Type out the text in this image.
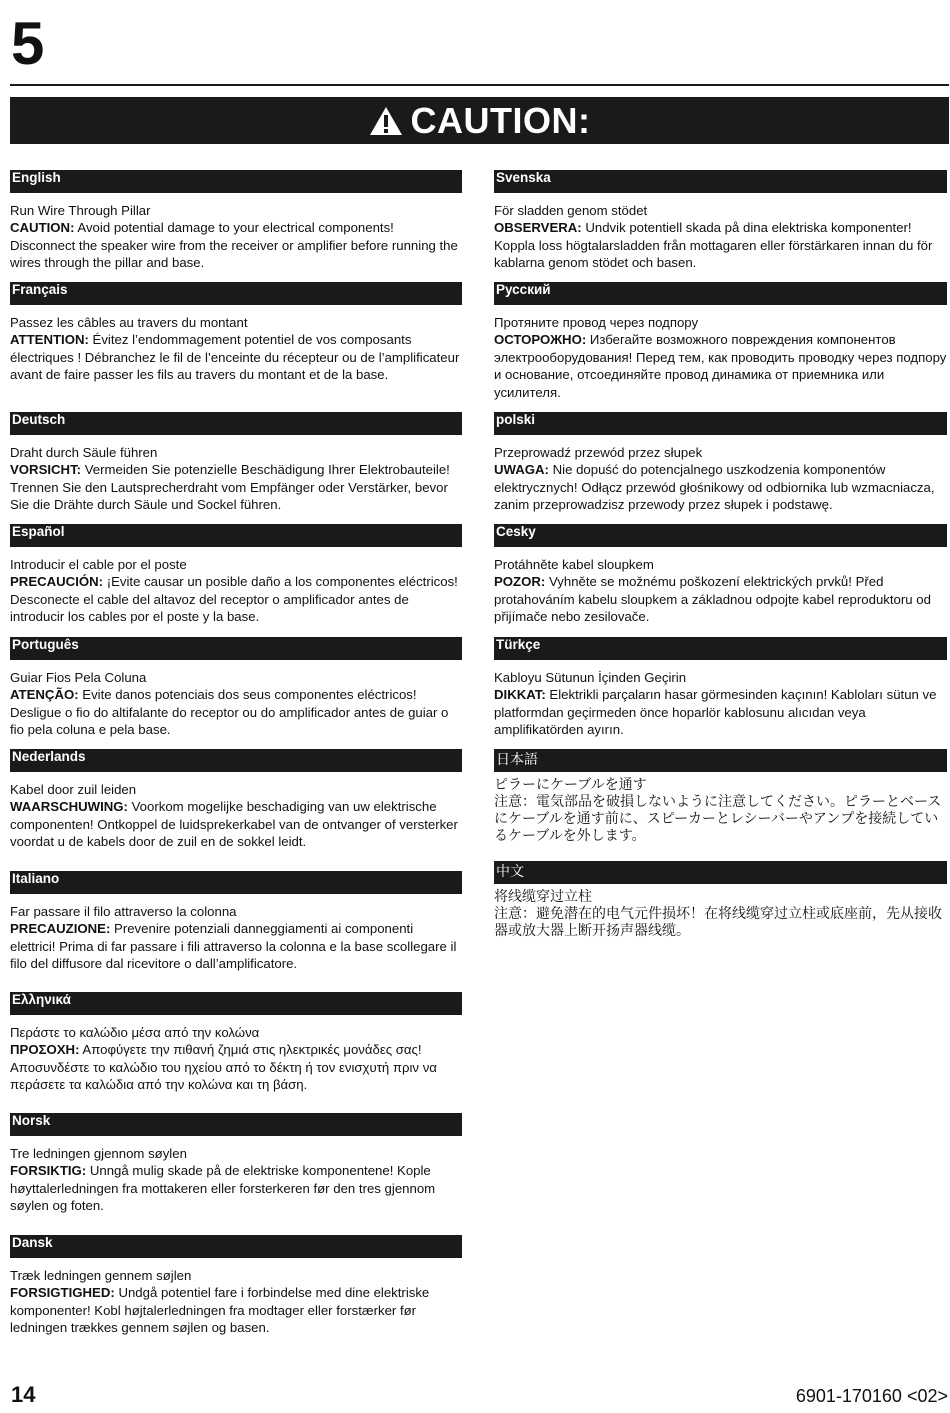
5
CAUTION:
English

Run Wire Through Pillar

CAUTION: Avoid potential damage to your electrical components! Disconnect the speaker wire from the receiver or amplifier before running the wires through the pillar and base.

Français

Passez les câbles au travers du montant

ATTENTION: Évitez l’endommagement potentiel de vos composants électriques ! Débranchez le fil de l’enceinte du récepteur ou de l’amplificateur avant de faire passer les fils au travers du montant et de la base.

Deutsch

Draht durch Säule führen

VORSICHT: Vermeiden Sie potenzielle Beschädigung Ihrer Elektrobauteile! Trennen Sie den Lautsprecherdraht vom Empfänger oder Verstärker, bevor Sie die Drähte durch Säule und Sockel führen.

Español

Introducir el cable por el poste

PRECAUCIÓN: ¡Evite causar un posible daño a los componentes eléctricos! Desconecte el cable del altavoz del receptor o amplificador antes de introducir los cables por el poste y la base.

Português

Guiar Fios Pela Coluna

ATENÇÃO: Evite danos potenciais dos seus componentes eléctricos! Desligue o fio do altifalante do receptor ou do amplificador antes de guiar o fio pela coluna e pela base.

Nederlands

Kabel door zuil leiden

WAARSCHUWING: Voorkom mogelijke beschadiging van uw elektrische componenten! Ontkoppel de luidsprekerkabel van de ontvanger of versterker voordat u de kabels door de zuil en de sokkel leidt.

Italiano

Far passare il filo attraverso la colonna

PRECAUZIONE: Prevenire potenziali danneggiamenti ai componenti elettrici! Prima di far passare i fili attraverso la colonna e la base scollegare il filo del diffusore dal ricevitore o dall’amplificatore.

Ελληνικά

Περάστε το καλώδιο μέσα από την κολώνα

ΠΡΟΣΟΧΗ: Αποφύγετε την πιθανή ζημιά στις ηλεκτρικές μονάδες σας! Αποσυνδέστε το καλώδιο του ηχείου από το δέκτη ή τον ενισχυτή πριν να περάσετε τα καλώδια από την κολώνα και τη βάση.

Norsk

Tre ledningen gjennom søylen

FORSIKTIG: Unngå mulig skade på de elektriske komponentene! Kople høyttalerledningen fra mottakeren eller forsterkeren før den tres gjennom søylen og foten.

Dansk

Træk ledningen gennem søjlen

FORSIGTIGHED: Undgå potentiel fare i forbindelse med dine elektriske komponenter! Kobl højtalerledningen fra modtager eller forstærker før ledningen trækkes gennem søjlen og basen.

Svenska

För sladden genom stödet

OBSERVERA: Undvik potentiell skada på dina elektriska komponenter! Koppla loss högtalarsladden från mottagaren eller förstärkaren innan du för kablarna genom stödet och basen.

Русский

Протяните провод через подпору

ОСТОРОЖНО: Избегайте возможного повреждения компонентов электрооборудования! Перед тем, как проводить проводку через подпору и основание, отсоединяйте провод динамика от приемника или усилителя.

polski

Przeprowadź przewód przez słupek

UWAGA: Nie dopuść do potencjalnego uszkodzenia komponentów elektrycznych! Odłącz przewód głośnikowy od odbiornika lub wzmacniacza, zanim przeprowadzisz przewody przez słupek i podstawę.

Cesky

Protáhněte kabel sloupkem

POZOR: Vyhněte se možnému poškození elektrických prvků! Před protahováním kabelu sloupkem a základnou odpojte kabel reproduktoru od přijímače nebo zesilovače.

Türkçe

Kabloyu Sütunun İçinden Geçirin

DIKKAT: Elektrikli parçaların hasar görmesinden kaçının! Kabloları sütun ve platformdan geçirmeden önce hoparlör kablosunu alıcıdan veya amplifikatörden ayırın.

日本語

ピラーにケーブルを通す

注意：電気部品を破損しないように注意してください。ピラーとベースにケーブルを通す前に、スピーカーとレシーバーやアンプを接続しているケーブルを外します。

中文

将线缆穿过立柱

注意：避免潜在的电气元件损坏！在将线缆穿过立柱或底座前，先从接收器或放大器上断开扬声器线缆。

14	6901-170160 <02>
